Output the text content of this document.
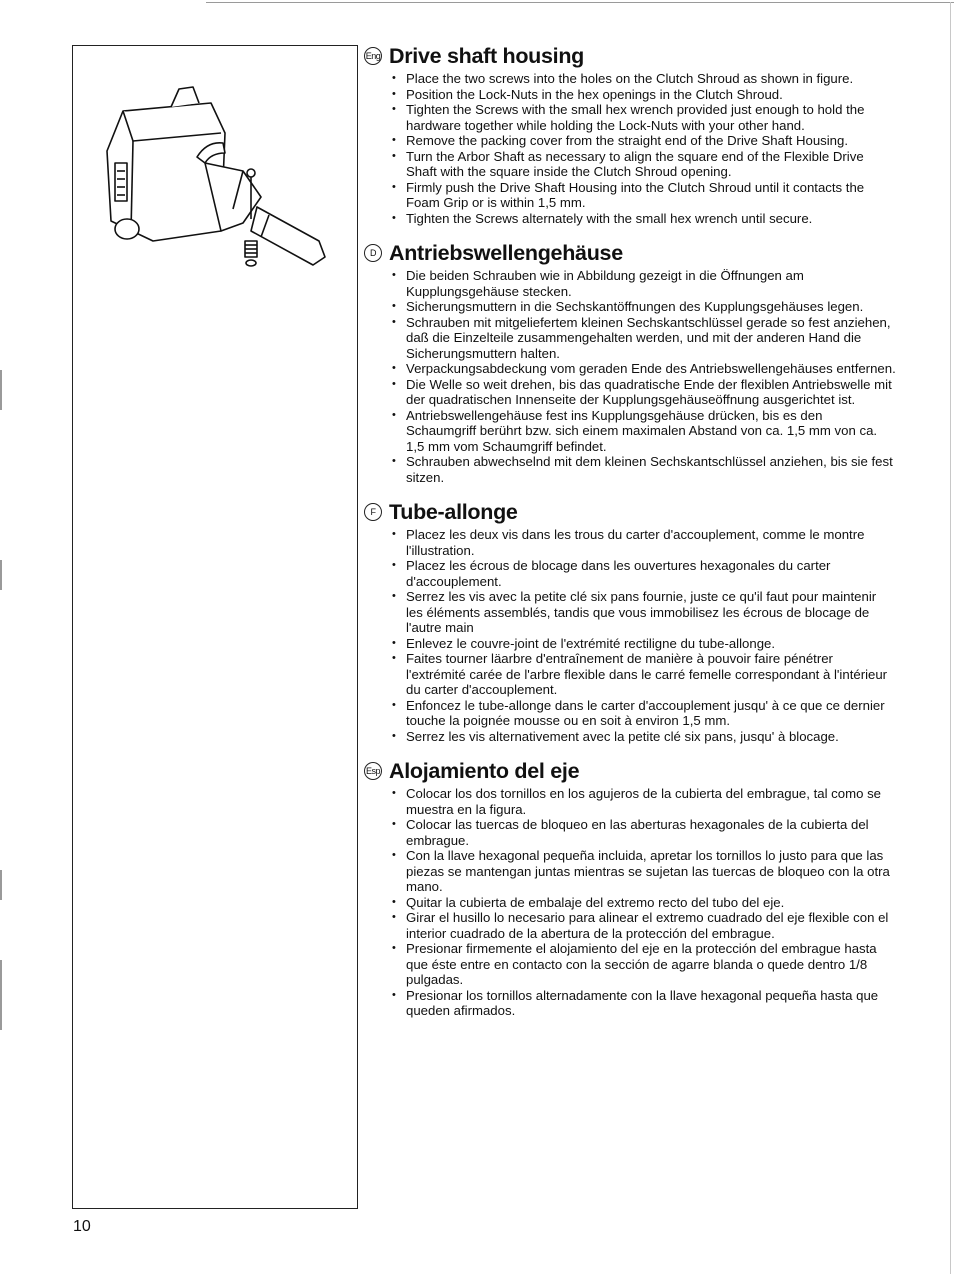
Eng Drive shaft housing
• Place the two screws into the holes on the Clutch Shroud as shown in figure.
• Position the Lock-Nuts in the hex openings in the Clutch Shroud.
• Tighten the Screws with the small hex wrench provided just enough to hold the hardware together while holding the Lock-Nuts with your other hand.
• Remove the packing cover from the straight end of the Drive Shaft Housing.
• Turn the Arbor Shaft as necessary to align the square end of the Flexible Drive Shaft with the square inside the Clutch Shroud opening.
• Firmly push the Drive Shaft Housing into the Clutch Shroud until it contacts the Foam Grip or is within 1,5 mm.
• Tighten the Screws alternately with the small hex wrench until secure.
D Antriebswellengehäuse
• Die beiden Schrauben wie in Abbildung gezeigt in die Öffnungen am Kupplungsgehäuse stecken.
• Sicherungsmuttern in die Sechskantöffnungen des Kupplungsgehäuses legen.
• Schrauben mit mitgeliefertem kleinen Sechskantschlüssel gerade so fest anziehen, daß die Einzelteile zusammengehalten werden, und mit der anderen Hand die Sicherungsmuttern halten.
• Verpackungsabdeckung vom geraden Ende des Antriebswellengehäuses entfernen.
• Die Welle so weit drehen, bis das quadratische Ende der flexiblen Antriebswelle mit der quadratischen Innenseite der Kupplungsgehäuseöffnung ausgerichtet ist.
• Antriebswellengehäuse fest ins Kupplungsgehäuse drücken, bis es den Schaumgriff berührt bzw. sich einem maximalen Abstand von ca. 1,5 mm von ca. 1,5 mm vom Schaumgriff befindet.
• Schrauben abwechselnd mit dem kleinen Sechskantschlüssel anziehen, bis sie fest sitzen.
F Tube-allonge
• Placez les deux vis dans les trous du carter d'accouplement, comme le montre l'illustration.
• Placez les écrous de blocage dans les ouvertures hexagonales du carter d'accouplement.
• Serrez les vis avec la petite clé six pans fournie, juste ce qu'il faut pour maintenir les éléments assemblés, tandis que vous immobilisez les écrous de blocage de l'autre main
• Enlevez le couvre-joint de l'extrémité rectiligne du tube-allonge.
• Faites tourner läarbre d'entraînement de manière à pouvoir faire pénétrer l'extrémité carée de l'arbre flexible dans le carré femelle correspondant à l'intérieur du carter d'accouplement.
• Enfoncez le tube-allonge dans le carter d'accouplement jusqu' à ce que ce dernier touche la poignée mousse ou en soit à environ 1,5 mm.
• Serrez les vis alternativement avec la petite clé six pans, jusqu' à blocage.
Esp Alojamiento del eje
• Colocar los dos tornillos en los agujeros de la cubierta del embrague, tal como se muestra en la figura.
• Colocar las tuercas de bloqueo en las aberturas hexagonales de la cubierta del embrague.
• Con la llave hexagonal pequeña incluida, apretar los tornillos lo justo para que las piezas se mantengan juntas mientras se sujetan las tuercas de bloqueo con la otra mano.
• Quitar la cubierta de embalaje del extremo recto del tubo del eje.
• Girar el husillo lo necesario para alinear el extremo cuadrado del eje flexible con el interior cuadrado de la abertura de la protección del embrague.
• Presionar firmemente el alojamiento del eje en la protección del embrague hasta que éste entre en contacto con la sección de agarre blanda o quede dentro 1/8 pulgadas.
• Presionar los tornillos alternadamente con la llave hexagonal pequeña hasta que queden afirmados.
10
